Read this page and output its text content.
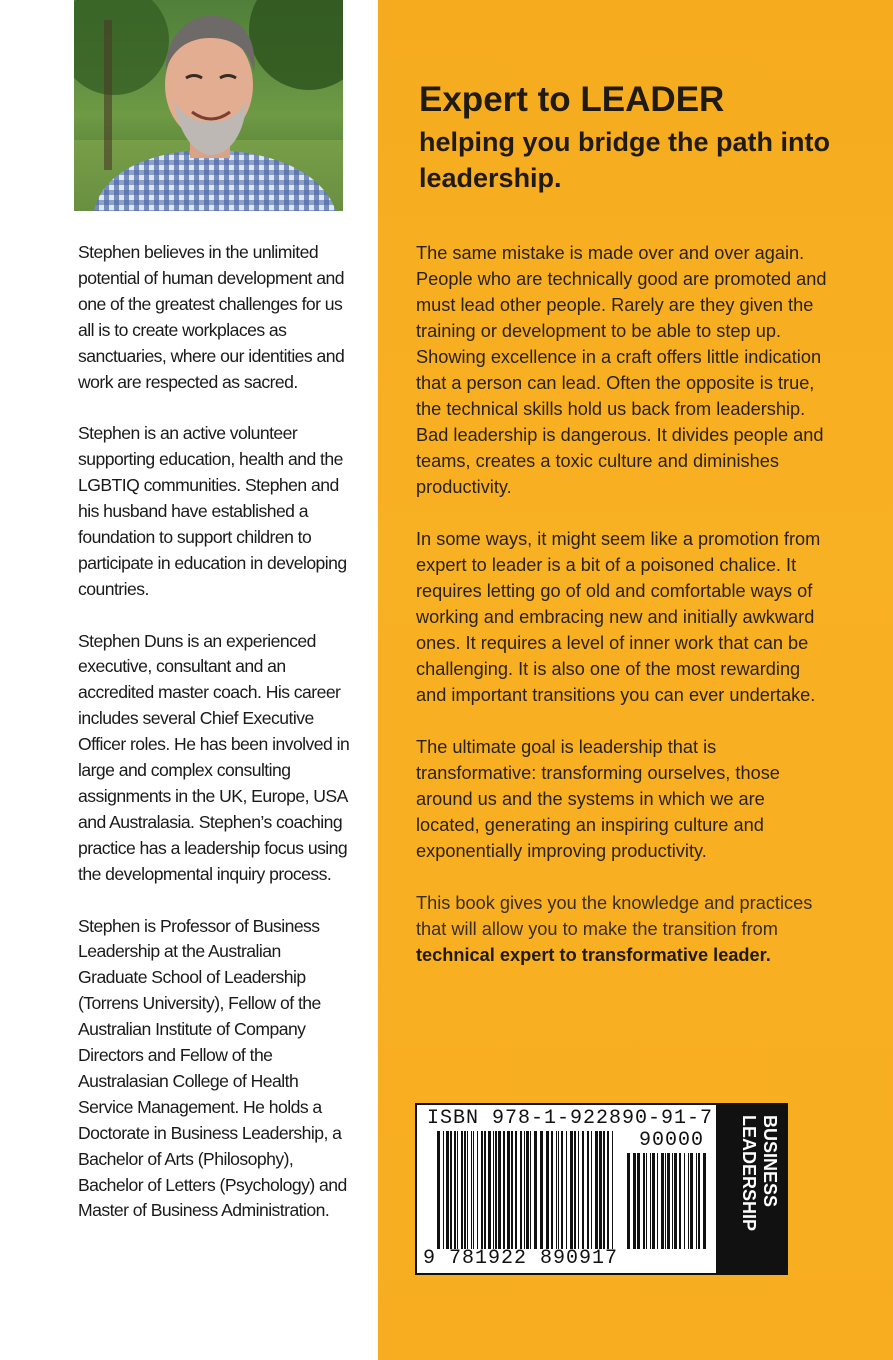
Stephen believes in the unlimited potential of human development and one of the greatest challenges for us all is to create workplaces as sanctuaries, where our identities and work are respected as sacred.

Stephen is an active volunteer supporting education, health and the LGBTIQ communities. Stephen and his husband have established a foundation to support children to participate in education in developing countries.

Stephen Duns is an experienced executive, consultant and an accredited master coach. His career includes several Chief Executive Officer roles. He has been involved in large and complex consulting assignments in the UK, Europe, USA and Australasia. Stephen’s coaching practice has a leadership focus using the developmental inquiry process.

Stephen is Professor of Business Leadership at the Australian Graduate School of Leadership (Torrens University), Fellow of the Australian Institute of Company Directors and Fellow of the Australasian College of Health Service Management. He holds a Doctorate in Business Leadership, a Bachelor of Arts (Philosophy), Bachelor of Letters (Psychology) and Master of Business Administration.

Expert to LEADER
helping you bridge the path into leadership.

The same mistake is made over and over again. People who are technically good are promoted and must lead other people. Rarely are they given the training or development to be able to step up. Showing excellence in a craft offers little indication that a person can lead. Often the opposite is true, the technical skills hold us back from leadership. Bad leadership is dangerous. It divides people and teams, creates a toxic culture and diminishes productivity.

In some ways, it might seem like a promotion from expert to leader is a bit of a poisoned chalice. It requires letting go of old and comfortable ways of working and embracing new and initially awkward ones. It requires a level of inner work that can be challenging. It is also one of the most rewarding and important transitions you can ever undertake.

The ultimate goal is leadership that is transformative: transforming ourselves, those around us and the systems in which we are located, generating an inspiring culture and exponentially improving productivity.

This book gives you the knowledge and practices that will allow you to make the transition from technical expert to transformative leader.

ISBN 978-1-922890-91-7
90000
9 781922 890917
BUSINESS
LEADERSHIP
